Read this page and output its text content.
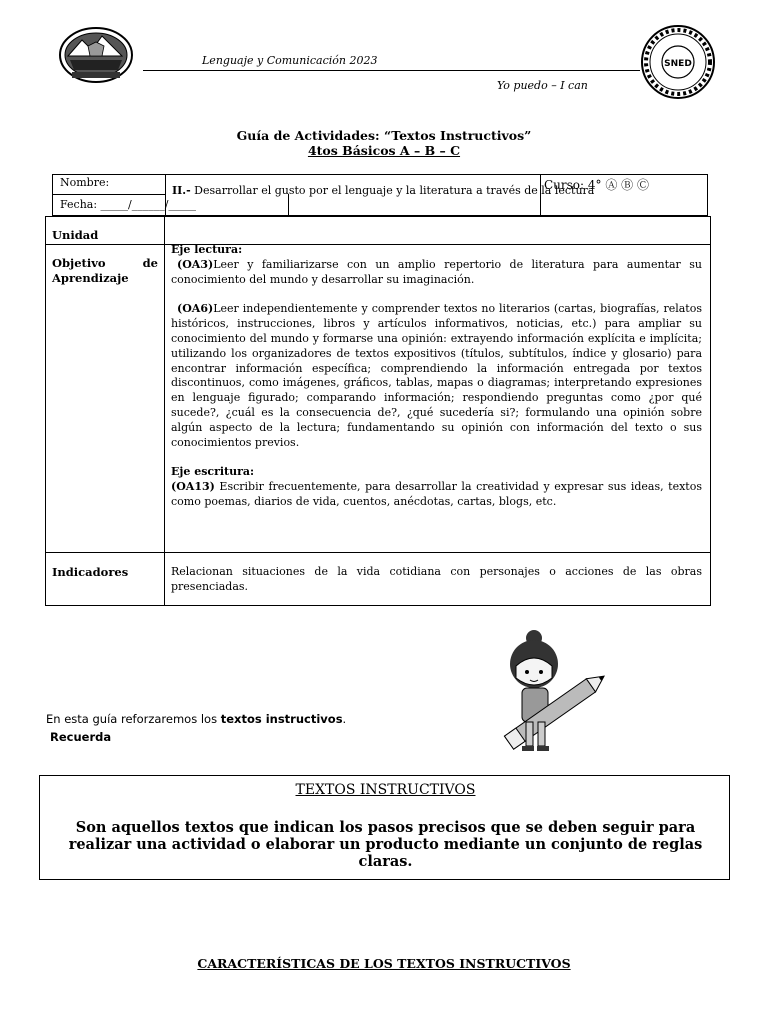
Lenguaje y Comunicación 2023
Yo puedo – I can
SNED
Guía de Actividades: “Textos Instructivos”
4tos Básicos A – B – C
Nombre:
Fecha: _____/______/_____
Curso: 4° Ⓐ Ⓑ Ⓒ
II.- Desarrollar el gusto por el lenguaje y la literatura a través de la lectura
Unidad
Objetivo de Aprendizaje
Indicadores

Eje lectura:

(OA3)Leer y familiarizarse con un amplio repertorio de literatura para aumentar su conocimiento del mundo y desarrollar su imaginación.

(OA6)Leer independientemente y comprender textos no literarios (cartas, biografías, relatos históricos, instrucciones, libros y artículos informativos, noticias, etc.) para ampliar su conocimiento del mundo y formarse una opinión: extrayendo información explícita e implícita; utilizando los organizadores de textos expositivos (títulos, subtítulos, índice y glosario) para encontrar información específica; comprendiendo la información entregada por textos discontinuos, como imágenes, gráficos, tablas, mapas o diagramas; interpretando expresiones en lenguaje figurado; comparando información; respondiendo preguntas como ¿por qué sucede?, ¿cuál es la consecuencia de?, ¿qué sucedería si?; formulando una opinión sobre algún aspecto de la lectura; fundamentando su opinión con información del texto o sus conocimientos previos.

Eje escritura:

(OA13) Escribir frecuentemente, para desarrollar la creatividad y expresar sus ideas, textos como poemas, diarios de vida, cuentos, anécdotas, cartas, blogs, etc.

Relacionan situaciones de la vida cotidiana con personajes o acciones de las obras presenciadas.
En esta guía reforzaremos los textos instructivos.
Recuerda
TEXTOS INSTRUCTIVOS
Son aquellos textos que indican los pasos precisos que se deben seguir para realizar una actividad o elaborar un producto mediante un conjunto de reglas claras.
CARACTERÍSTICAS DE LOS TEXTOS INSTRUCTIVOS
